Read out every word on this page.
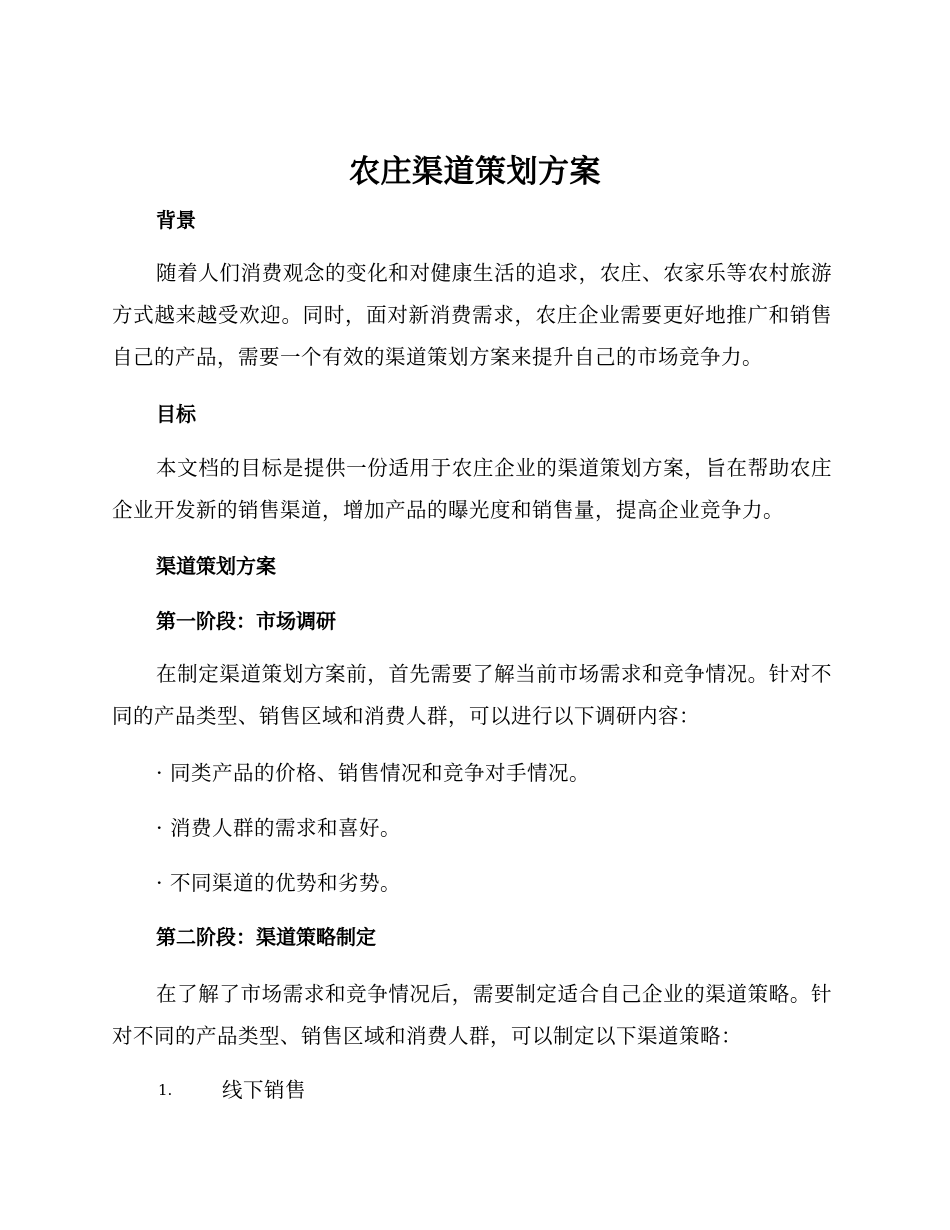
农庄渠道策划方案
背景
随着人们消费观念的变化和对健康生活的追求，农庄、农家乐等农村旅游方式越来越受欢迎。同时，面对新消费需求，农庄企业需要更好地推广和销售自己的产品，需要一个有效的渠道策划方案来提升自己的市场竞争力。
目标
本文档的目标是提供一份适用于农庄企业的渠道策划方案，旨在帮助农庄企业开发新的销售渠道，增加产品的曝光度和销售量，提高企业竞争力。
渠道策划方案
第一阶段：市场调研
在制定渠道策划方案前，首先需要了解当前市场需求和竞争情况。针对不同的产品类型、销售区域和消费人群，可以进行以下调研内容：
· 同类产品的价格、销售情况和竞争对手情况。
· 消费人群的需求和喜好。
· 不同渠道的优势和劣势。
第二阶段：渠道策略制定
在了解了市场需求和竞争情况后，需要制定适合自己企业的渠道策略。针对不同的产品类型、销售区域和消费人群，可以制定以下渠道策略：
1. 线下销售
